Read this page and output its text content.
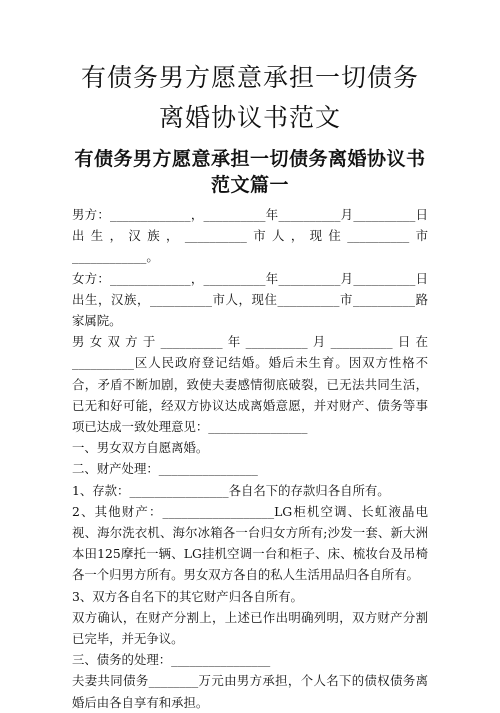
有债务男方愿意承担一切债务离婚协议书范文
有债务男方愿意承担一切债务离婚协议书范文篇一

男方：_____________，__________年__________月__________日出生，汉族，__________市人，现住__________市____________。

女方：_____________，__________年__________月__________日出生，汉族，__________市人，现住__________市__________路家属院。

男女双方于__________年__________月__________日在__________区人民政府登记结婚。婚后未生育。因双方性格不合，矛盾不断加剧，致使夫妻感情彻底破裂，已无法共同生活，已无和好可能，经双方协议达成离婚意愿，并对财产、债务等事项已达成一致处理意见：________________

一、男女双方自愿离婚。

二、财产处理：________________

1、存款：________________各自名下的存款归各自所有。

2、其他财产：__________________LG柜机空调、长虹液晶电视、海尔洗衣机、海尔冰箱各一台归女方所有;沙发一套、新大洲本田125摩托一辆、LG挂机空调一台和柜子、床、梳妆台及吊椅各一个归男方所有。男女双方各自的私人生活用品归各自所有。

3、双方各自名下的其它财产归各自所有。

双方确认，在财产分割上，上述已作出明确列明，双方财产分割已完毕，并无争议。

三、债务的处理：________________

夫妻共同债务________万元由男方承担，个人名下的债权债务离婚后由各自享有和承担。
